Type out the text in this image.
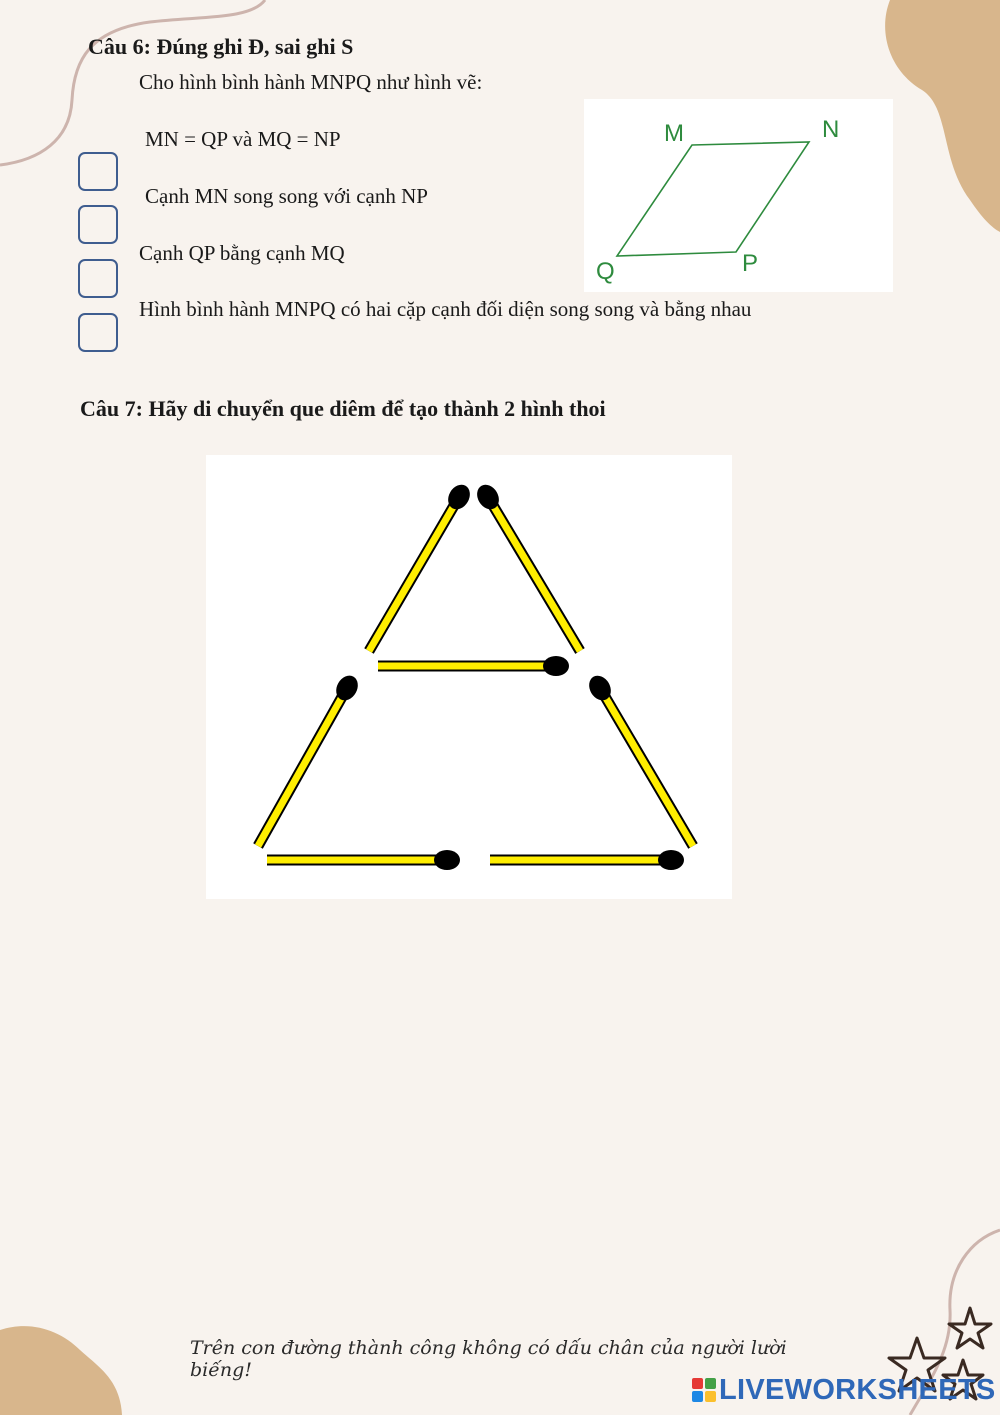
Câu 6: Đúng ghi Đ, sai ghi S
Cho hình bình hành MNPQ như hình vẽ:
MN = QP và MQ = NP
Cạnh MN song song với cạnh NP
Cạnh QP bằng cạnh MQ
Hình bình hành MNPQ có hai cặp cạnh đối diện song song và bằng nhau
M	N
P
Q
Câu 7: Hãy di chuyển que diêm để tạo thành 2 hình thoi
Trên con đường thành công không có dấu chân của người lười biếng!
LIVEWORKSHEETS
